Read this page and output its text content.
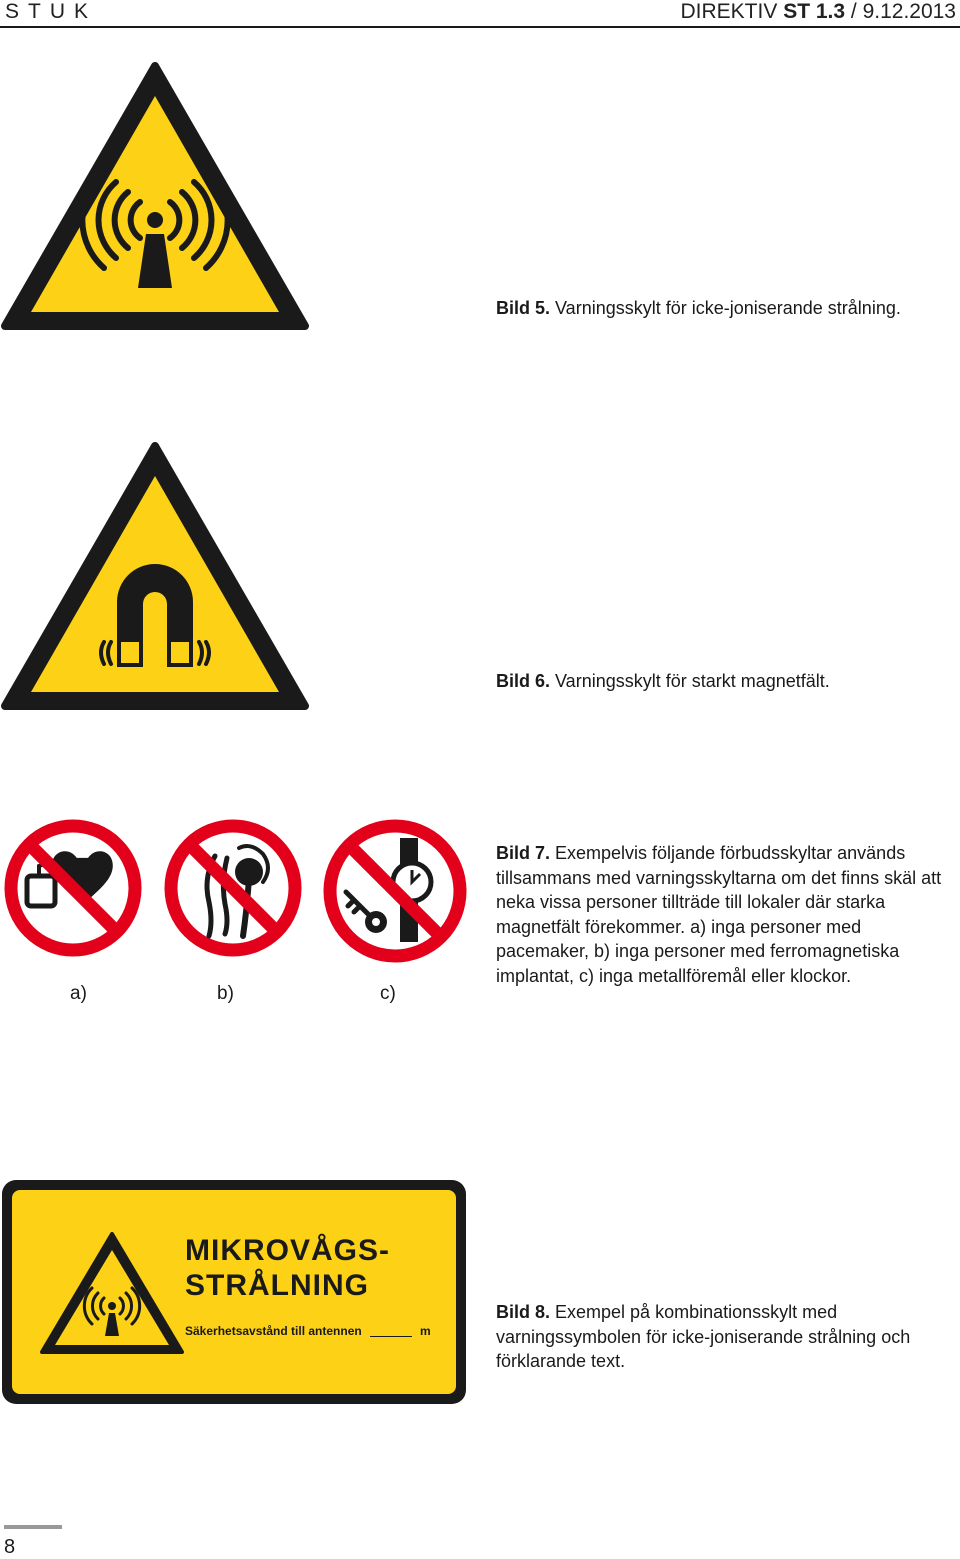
STUK	DIREKTIV ST 1.3 / 9.12.2013
Bild 5. Varningsskylt för icke-joniserande strålning.
Bild 6. Varningsskylt för starkt magnetfält.
a)	b)	c)
Bild 7. Exempelvis följande förbudsskyltar används tillsammans med varningsskyltarna om det finns skäl att neka vissa personer tillträde till lokaler där starka magnetfält förekommer. a) inga personer med pacemaker, b) inga personer med ferromagnetiska implantat, c) inga metallföremål eller klockor.
MIKROVÅGS-
STRÅLNING
Säkerhetsavstånd till antennen	m
Bild 8. Exempel på kombinationsskylt med varningssymbolen för icke-joniserande strålning och förklarande text.
8
